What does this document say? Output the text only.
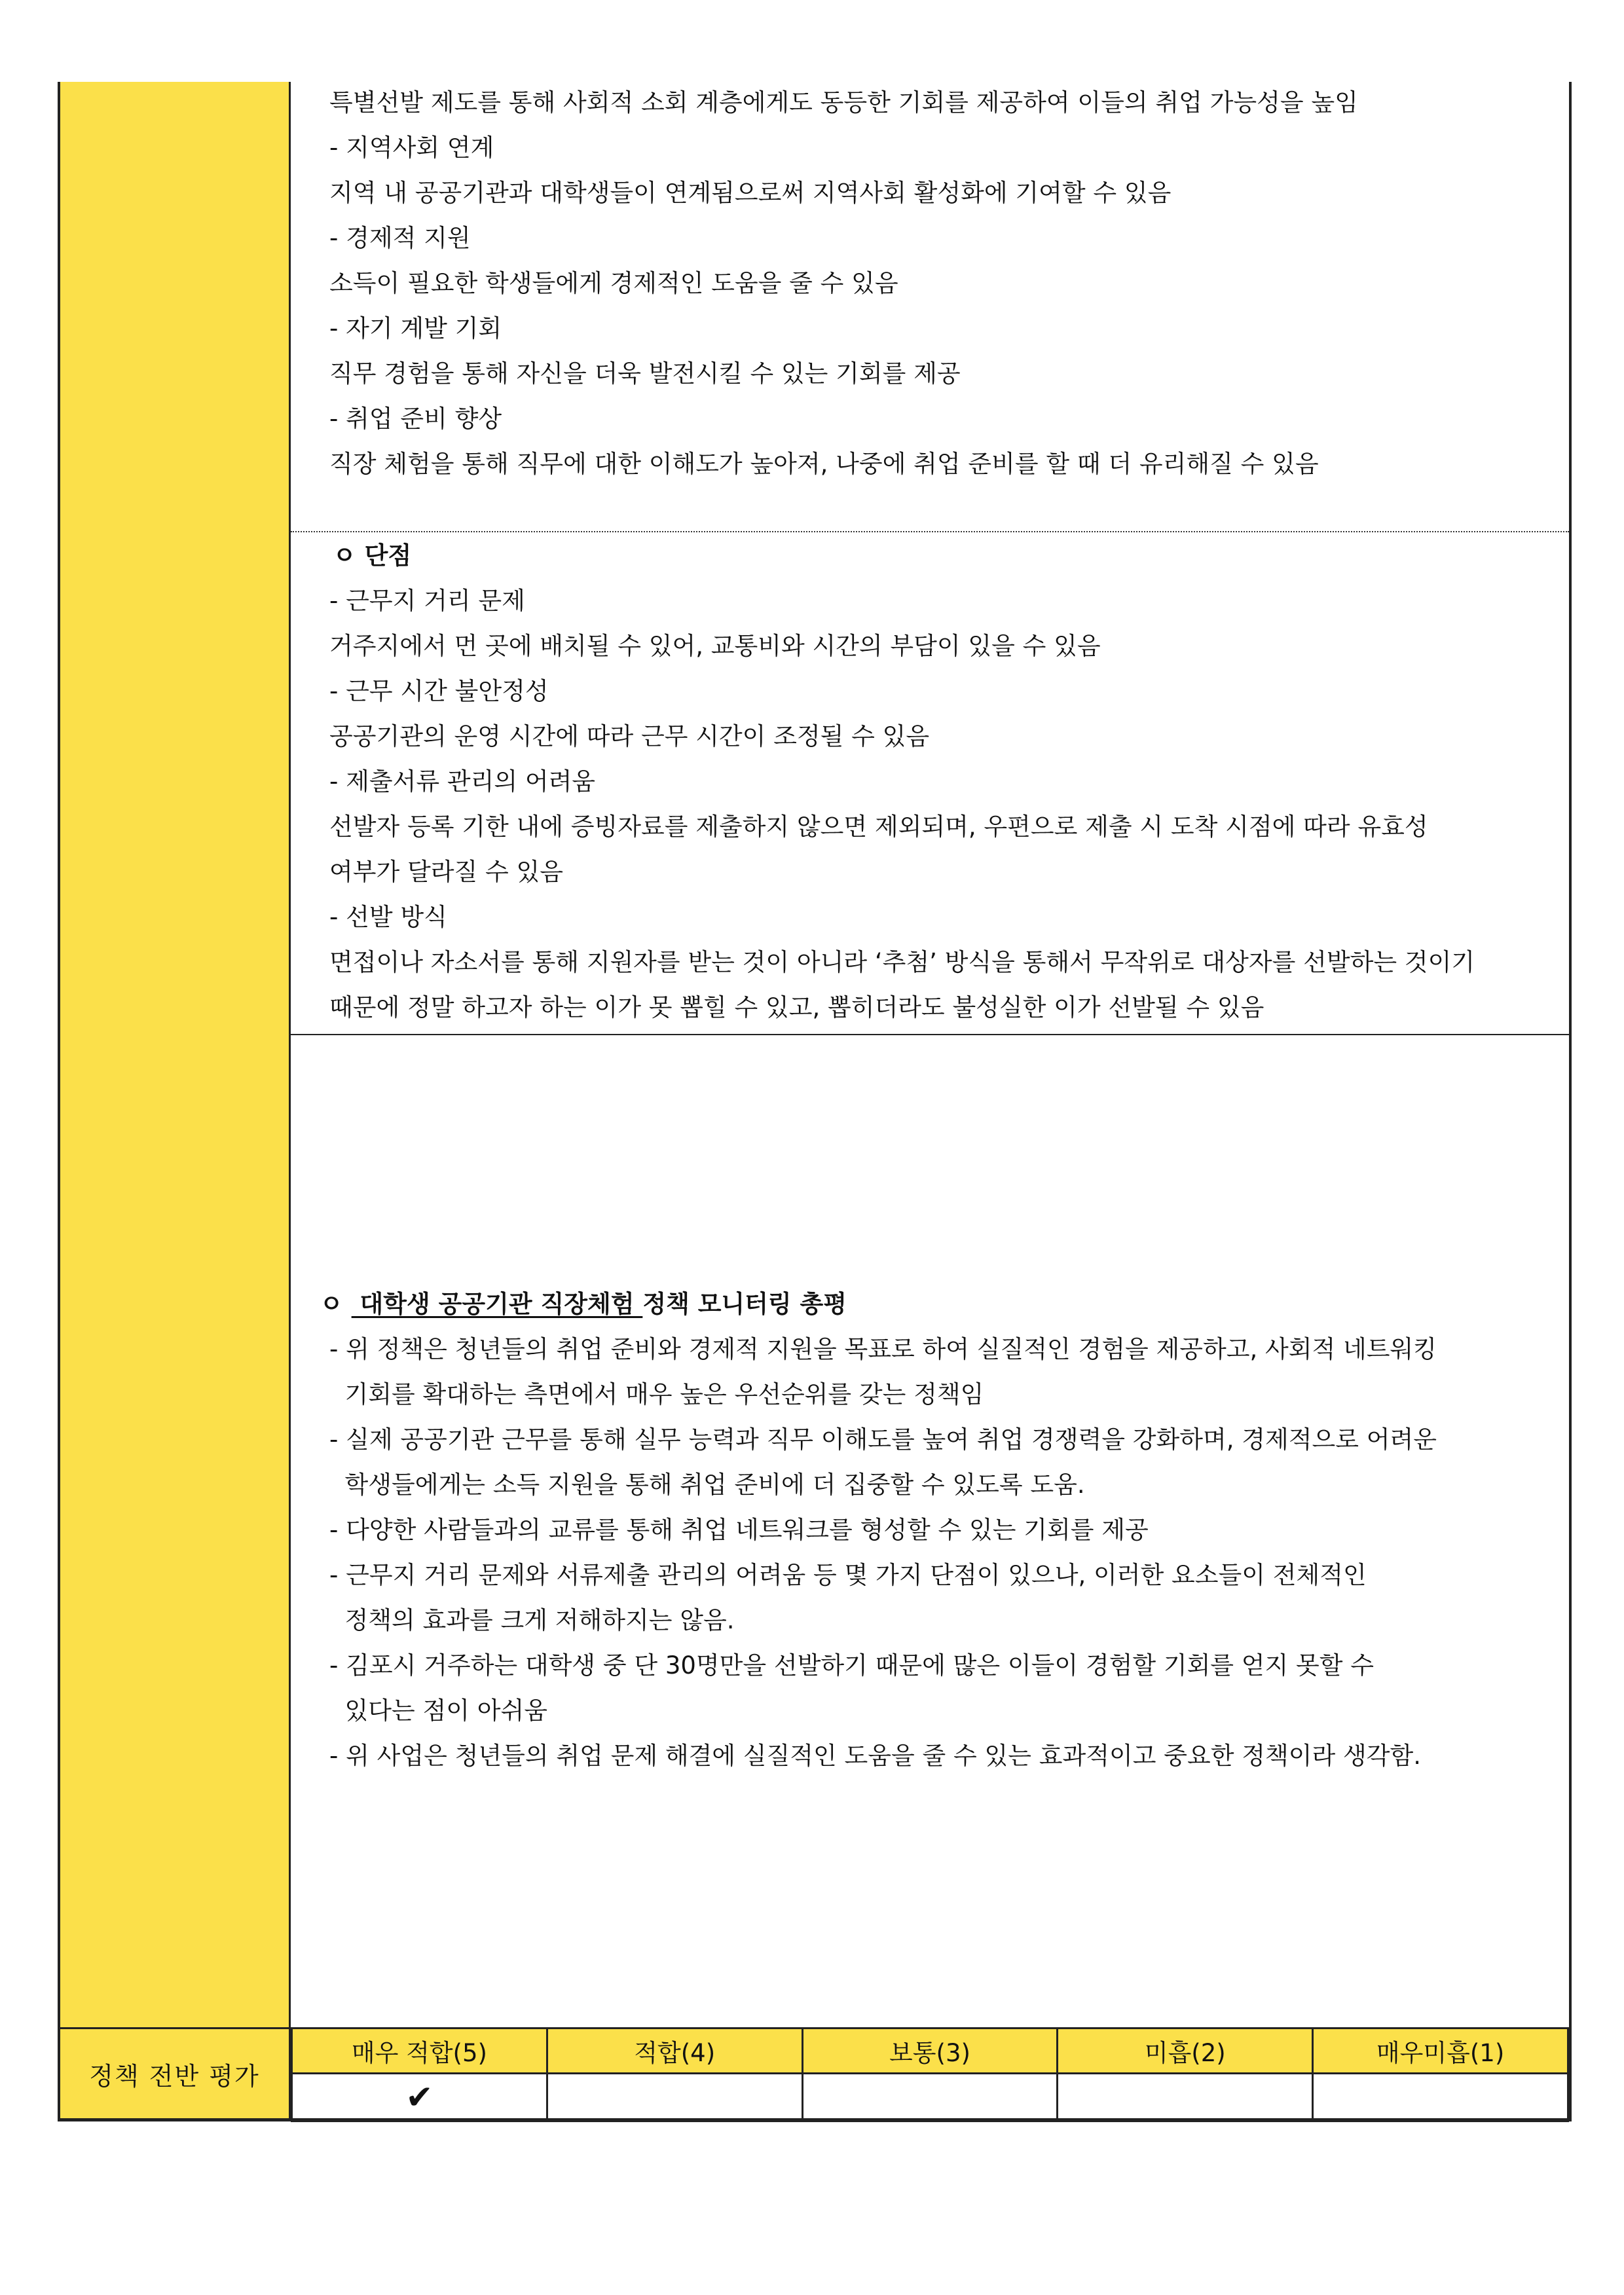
특별선발 제도를 통해 사회적 소회 계층에게도 동등한 기회를 제공하여 이들의 취업 가능성을 높임
- 지역사회 연계
지역 내 공공기관과 대학생들이 연계됨으로써 지역사회 활성화에 기여할 수 있음
- 경제적 지원
소득이 필요한 학생들에게 경제적인 도움을 줄 수 있음
- 자기 계발 기회
직무 경험을 통해 자신을 더욱 발전시킬 수 있는 기회를 제공
- 취업 준비 향상
직장 체험을 통해 직무에 대한 이해도가 높아져, 나중에 취업 준비를 할 때 더 유리해질 수 있음
ㅇ 단점
- 근무지 거리 문제
거주지에서 먼 곳에 배치될 수 있어, 교통비와 시간의 부담이 있을 수 있음
- 근무 시간 불안정성
공공기관의 운영 시간에 따라 근무 시간이 조정될 수 있음
- 제출서류 관리의 어려움
선발자 등록 기한 내에 증빙자료를 제출하지 않으면 제외되며, 우편으로 제출 시 도착 시점에 따라 유효성
여부가 달라질 수 있음
- 선발 방식
면접이나 자소서를 통해 지원자를 받는 것이 아니라 ‘추첨’ 방식을 통해서 무작위로 대상자를 선발하는 것이기
때문에 정말 하고자 하는 이가 못 뽑힐 수 있고, 뽑히더라도 불성실한 이가 선발될 수 있음
ㅇ  대학생 공공기관 직장체험 정책 모니터링 총평
- 위 정책은 청년들의 취업 준비와 경제적 지원을 목표로 하여 실질적인 경험을 제공하고, 사회적 네트워킹
기회를 확대하는 측면에서 매우 높은 우선순위를 갖는 정책임
- 실제 공공기관 근무를 통해 실무 능력과 직무 이해도를 높여 취업 경쟁력을 강화하며, 경제적으로 어려운
학생들에게는 소득 지원을 통해 취업 준비에 더 집중할 수 있도록 도움.
- 다양한 사람들과의 교류를 통해 취업 네트워크를 형성할 수 있는 기회를 제공
- 근무지 거리 문제와 서류제출 관리의 어려움 등 몇 가지 단점이 있으나, 이러한 요소들이 전체적인
정책의 효과를 크게 저해하지는 않음.
- 김포시 거주하는 대학생 중 단 30명만을 선발하기 때문에 많은 이들이 경험할 기회를 얻지 못할 수
있다는 점이 아쉬움
- 위 사업은 청년들의 취업 문제 해결에 실질적인 도움을 줄 수 있는 효과적이고 중요한 정책이라 생각함.
정책 전반 평가
매우 적합(5)	적합(4)	보통(3)	미흡(2)	매우미흡(1)
✔				
